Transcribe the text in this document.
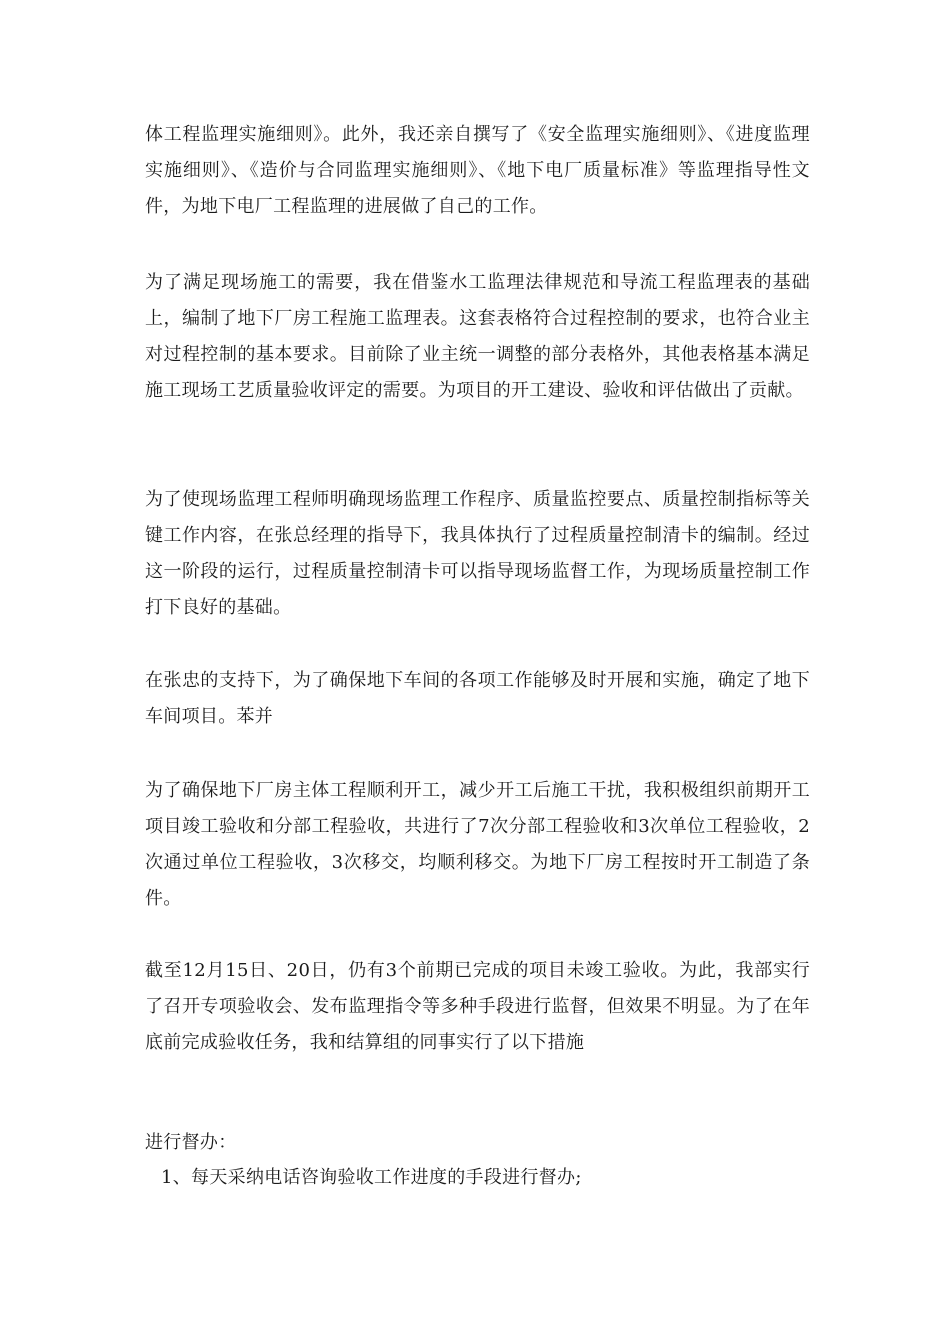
体工程监理实施细则》。此外，我还亲自撰写了《安全监理实施细则》、《进度监理实施细则》、《造价与合同监理实施细则》、《地下电厂质量标准》等监理指导性文件，为地下电厂工程监理的进展做了自己的工作。

为了满足现场施工的需要，我在借鉴水工监理法律规范和导流工程监理表的基础上，编制了地下厂房工程施工监理表。这套表格符合过程控制的要求，也符合业主对过程控制的基本要求。目前除了业主统一调整的部分表格外，其他表格基本满足施工现场工艺质量验收评定的需要。为项目的开工建设、验收和评估做出了贡献。

为了使现场监理工程师明确现场监理工作程序、质量监控要点、质量控制指标等关键工作内容，在张总经理的指导下，我具体执行了过程质量控制清卡的编制。经过这一阶段的运行，过程质量控制清卡可以指导现场监督工作，为现场质量控制工作打下良好的基础。

在张忠的支持下，为了确保地下车间的各项工作能够及时开展和实施，确定了地下车间项目。苯并

为了确保地下厂房主体工程顺利开工，减少开工后施工干扰，我积极组织前期开工项目竣工验收和分部工程验收，共进行了7次分部工程验收和3次单位工程验收，2次通过单位工程验收，3次移交，均顺利移交。为地下厂房工程按时开工制造了条件。

截至12月15日、20日，仍有3个前期已完成的项目未竣工验收。为此，我部实行了召开专项验收会、发布监理指令等多种手段进行监督，但效果不明显。为了在年底前完成验收任务，我和结算组的同事实行了以下措施

进行督办：

1、每天采纳电话咨询验收工作进度的手段进行督办;
